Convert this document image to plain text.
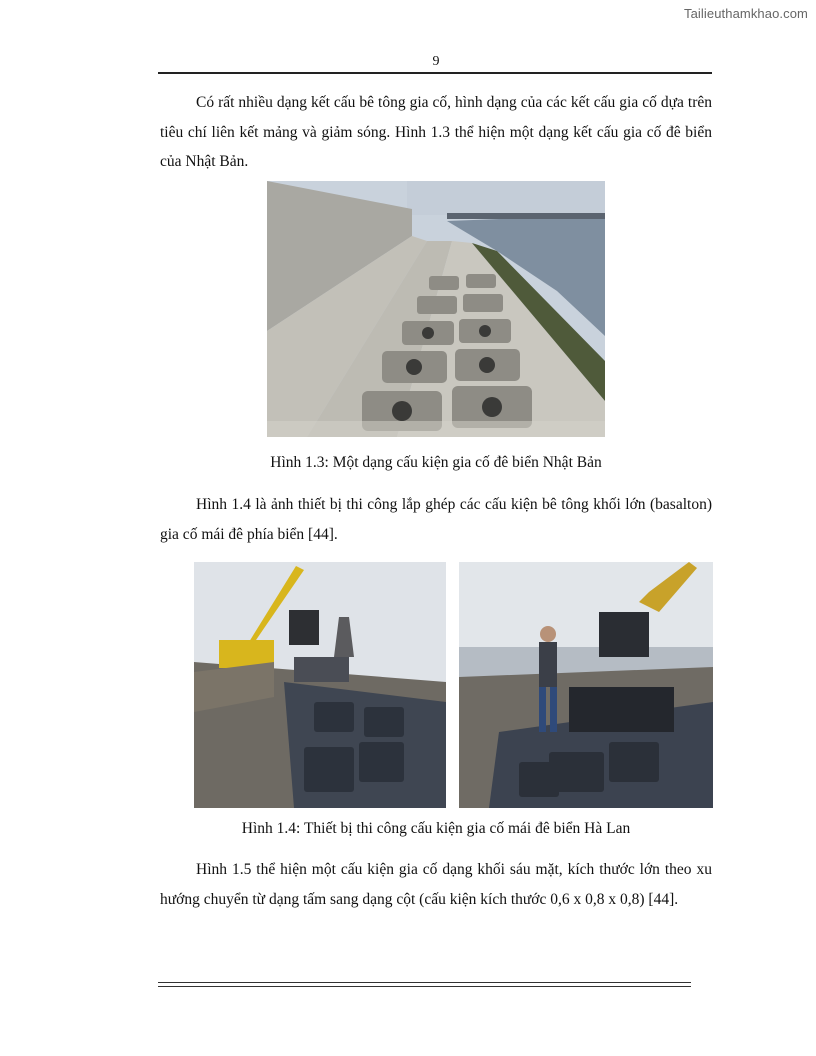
Tailieuthamkhao.com
9

Có rất nhiều dạng kết cấu bê tông gia cố, hình dạng của các kết cấu gia cố dựa trên tiêu chí liên kết mảng và giảm sóng. Hình 1.3 thể hiện một dạng kết cấu gia cố đê biển của Nhật Bản.

Hình 1.3: Một dạng cấu kiện gia cố đê biển Nhật Bản

Hình 1.4 là ảnh thiết bị thi công lắp ghép các cấu kiện bê tông khối lớn (basalton) gia cố mái đê phía biển [44].

Hình 1.4: Thiết bị thi công cấu kiện gia cố mái đê biển Hà Lan

Hình 1.5 thể hiện một cấu kiện gia cố dạng khối sáu mặt, kích thước lớn theo xu hướng chuyển từ dạng tấm sang dạng cột (cấu kiện kích thước 0,6 x 0,8 x 0,8) [44].
